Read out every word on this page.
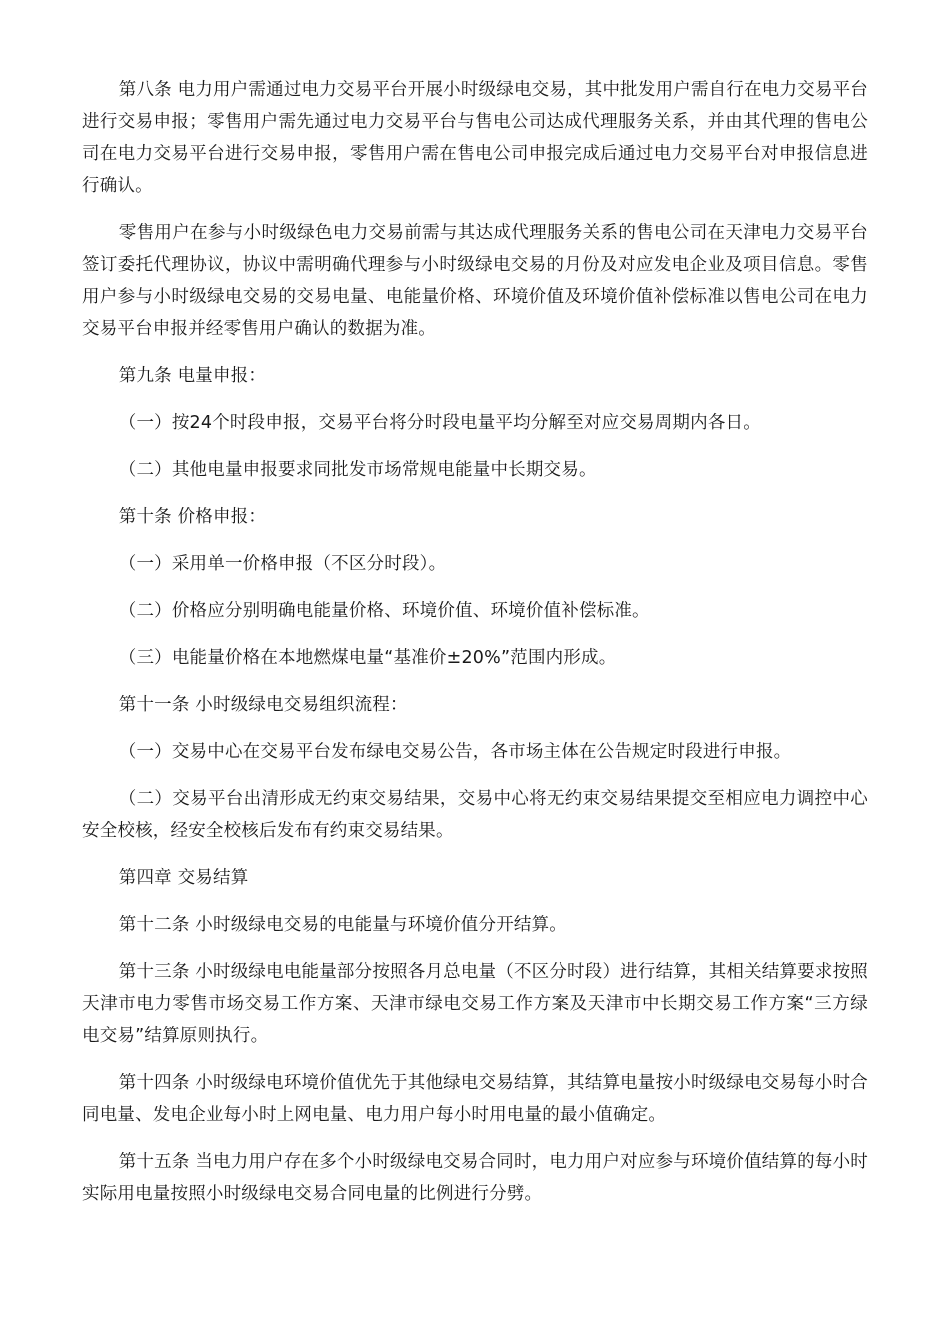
第八条 电力用户需通过电力交易平台开展小时级绿电交易，其中批发用户需自行在电力交易平台进行交易申报；零售用户需先通过电力交易平台与售电公司达成代理服务关系，并由其代理的售电公司在电力交易平台进行交易申报，零售用户需在售电公司申报完成后通过电力交易平台对申报信息进行确认。

零售用户在参与小时级绿色电力交易前需与其达成代理服务关系的售电公司在天津电力交易平台签订委托代理协议，协议中需明确代理参与小时级绿电交易的月份及对应发电企业及项目信息。零售用户参与小时级绿电交易的交易电量、电能量价格、环境价值及环境价值补偿标准以售电公司在电力交易平台申报并经零售用户确认的数据为准。

第九条 电量申报：

（一）按24个时段申报，交易平台将分时段电量平均分解至对应交易周期内各日。

（二）其他电量申报要求同批发市场常规电能量中长期交易。

第十条 价格申报：

（一）采用单一价格申报（不区分时段）。

（二）价格应分别明确电能量价格、环境价值、环境价值补偿标准。

（三）电能量价格在本地燃煤电量“基准价±20%”范围内形成。

第十一条 小时级绿电交易组织流程：

（一）交易中心在交易平台发布绿电交易公告，各市场主体在公告规定时段进行申报。

（二）交易平台出清形成无约束交易结果，交易中心将无约束交易结果提交至相应电力调控中心安全校核，经安全校核后发布有约束交易结果。

第四章 交易结算

第十二条 小时级绿电交易的电能量与环境价值分开结算。

第十三条 小时级绿电电能量部分按照各月总电量（不区分时段）进行结算，其相关结算要求按照天津市电力零售市场交易工作方案、天津市绿电交易工作方案及天津市中长期交易工作方案“三方绿电交易”结算原则执行。

第十四条 小时级绿电环境价值优先于其他绿电交易结算，其结算电量按小时级绿电交易每小时合同电量、发电企业每小时上网电量、电力用户每小时用电量的最小值确定。

第十五条 当电力用户存在多个小时级绿电交易合同时，电力用户对应参与环境价值结算的每小时实际用电量按照小时级绿电交易合同电量的比例进行分劈。
